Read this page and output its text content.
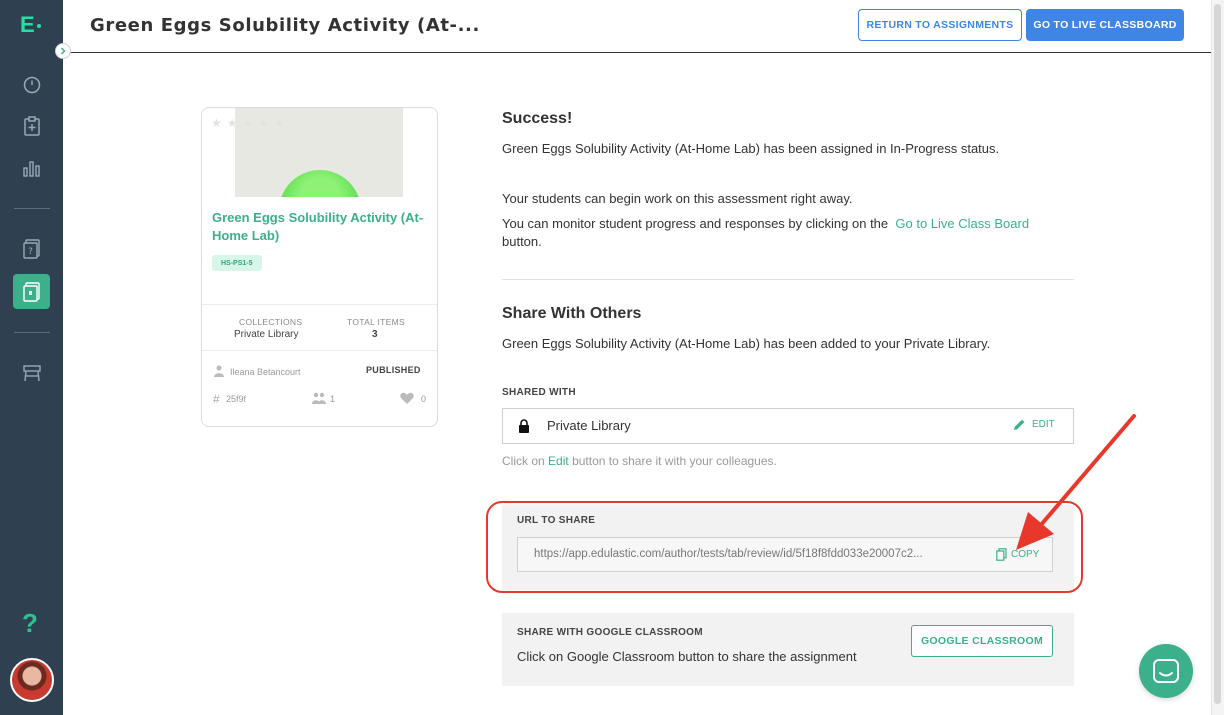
E
?
?
Green Eggs Solubility Activity (At-...	RETURN TO ASSIGNMENTS	GO TO LIVE CLASSBOARD
★★★★★
Green Eggs Solubility Activity (At-Home Lab)
HS-PS1-5
COLLECTIONS
Private Library
TOTAL ITEMS
3
Ileana Betancourt	PUBLISHED
# 25f9f	1	0
Success!
Green Eggs Solubility Activity (At-Home Lab) has been assigned in In-Progress status.
Your students can begin work on this assessment right away.
You can monitor student progress and responses by clicking on the Go to Live Class Board
button.
Share With Others
Green Eggs Solubility Activity (At-Home Lab) has been added to your Private Library.
SHARED WITH
Private Library	EDIT
Click on Edit button to share it with your colleagues.
URL TO SHARE
https://app.edulastic.com/author/tests/tab/review/id/5f18f8fdd033e20007c2...	COPY
SHARE WITH GOOGLE CLASSROOM
Click on Google Classroom button to share the assignment
GOOGLE CLASSROOM
